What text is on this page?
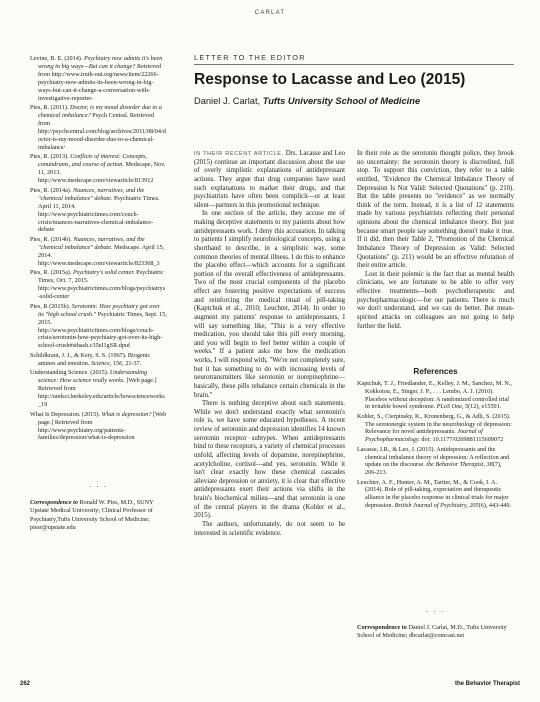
CARLAT
Levine, B. E. (2014). Psychiatry now admits it's been wrong in big ways—But can it change? Retrieved from http://www.truth-out.org/news/item/22266-psychiatry-now-admits-its-been-wrong-in-big-ways-but-can-it-change-a-conversation-with-investigative-reporter-
Pies, R. (2011). Doctor, is my mood disorder due to a chemical imbalance? Psych Central. Retrieved from http://psychcentral.com/blog/archives/2011/08/04/doctor-is-my-mood-disorder-due-to-a-chemical-imbalance/
Pies, R. (2013). Conflicts of interest: Concepts, conundrums, and course of action. Medscape, Nov. 11, 2013. http://www.medscape.com/viewarticle/813912
Pies, R. (2014a). Nuances, narratives, and the "chemical imbalance" debate. Psychiatric Times. April 11, 2014. http://www.psychiatrictimes.com/couch-crisis/nuances-narratives-chemical-imbalance-debate
Pies, R. (2014b). Nuances, narratives, and the "chemical imbalance" debate. Medscape. April 15, 2014. http://www.medscape.com/viewarticle/823368_3
Pies, R. (2015a). Psychiatry's solid center. Psychiatric Times, Oct. 7, 2015. http://www.psychiatrictimes.com/blogs/psychiatrys-solid-center
Pies, R (2015b). Serotonin: How psychiatry got over its "high school crush." Psychiatric Times, Sept. 15, 2015. http://www.psychiatrictimes.com/blogs/couch-crisis/serotonin-how-psychiatry-got-over-its-high-school-crush#sthash.c35eI1gSR.dpuf
Schildkraut, J. J., & Kety, S. S. (1967). Biogenic amines and emotion. Science, 156, 21-37.
Understanding Science. (2015). Understanding science: How science really works. [Web page.] Retrieved from http://undsci.berkeley.edu/article/howscienceworks_19
What Is Depression. (2015). What is depression? [Web page.] Retrieved from http://www.psychiatry.org/patients-families/depression/what-is-depression
. . .
Correspondence to Ronald W. Pies, M.D., SUNY Upstate Medical University; Clinical Professor of Psychiatry,Tufts University School of Medicine; piesr@upstate.edu
LETTER TO THE EDITOR
Response to Lacasse and Leo (2015)
Daniel J. Carlat, Tufts University School of Medicine

IN THEIR RECENT ARTICLE, Drs. Lacasse and Leo (2015) continue an important discussion about the use of overly simplistic explanations of antidepressant actions. They argue that drug companies have used such explanations to market their drugs, and that psychiatrists have often been complicit—or at least silent—partners in this promotional technique.

In one section of the article, they accuse me of making deceptive statements to my patients about how antidepressants work. I deny this accusation. In talking to patients I simplify neurobiological concepts, using a shorthand to describe, in a simplistic way, some common theories of mental illness. I do this to enhance the placebo effect—which accounts for a significant portion of the overall effectiveness of antidepressants. Two of the most crucial components of the placebo effect are fostering positive expectations of success and reinforcing the medical ritual of pill-taking (Kaptchuk et al., 2010; Leuchter, 2014). In order to augment my patients' response to antidepressants, I will say something like, "This is a very effective medication, you should take this pill every morning, and you will begin to feel better within a couple of weeks." If a patient asks me how the medication works, I will respond with, "We're not completely sure, but it has something to do with increasing levels of neurotransmitters like serotonin or norepinephrine—basically, these pills rebalance certain chemicals in the brain."

There is nothing deceptive about such statements. While we don't understand exactly what serotonin's role is, we have some educated hypotheses. A recent review of serotonin and depression identifies 14 known serotonin receptor subtypes. When antidepressants bind to these receptors, a variety of chemical processes unfold, affecting levels of dopamine, norepinephrine, acetylcholine, cortisol—and yes, serotonin. While it isn't clear exactly how these chemical cascades alleviate depression or anxiety, it is clear that effective antidepressants exert their actions via shifts in the brain's biochemical milieu—and that serotonin is one of the central players in the drama (Kohler et al., 2015).

The authors, unfortunately, do not seem to be interested in scientific evidence.

In their role as the serotonin thought police, they brook no uncertainty: the serotonin theory is discredited, full stop. To support this conviction, they refer to a table entitled, "Evidence the Chemical Imbalance Theory of Depression Is Not Valid: Selected Quotations" (p. 210). But the table presents no "evidence" as we normally think of the term. Instead, it is a list of 12 statements made by various psychiatrists reflecting their personal opinions about the chemical imbalance theory. But just because smart people say something doesn't make it true. If it did, then their Table 2, "Promotion of the Chemical Imbalance Theory of Depression as Valid: Selected Quotations" (p. 211) would be an effective refutation of their entire article.

Lost in their polemic is the fact that as mental health clinicians, we are fortunate to be able to offer very effective treatments—both psychotherapeutic and psychopharmacologic—for our patients. There is much we don't understand, and we can do better. But mean-spirited attacks on colleagues are not going to help further the field.

References
Kaptchuk, T. J., Friedlander, E., Kelley, J. M., Sanchez, M. N., Kokkotou, E., Singer, J. P., . . . Lembo, A. J. (2010). Placebos without deception: A randomized controlled trial in irritable bowel syndrome. PLoS One, 5(12), e15591.
Kohler, S., Cierpinsky, K., Kronenberg, G., & Adli, S. (2015). The serotonergic system in the neurobiology of depression: Relevance for novel antidepressants. Journal of Psychopharmacology. doi: 10.1177/0269881115609072
Lacasse, J.R., & Leo, J. (2015). Antidepressants and the chemical imbalance theory of depression: A reflection and update on the discourse. the Behavior Therapist, 38(7), 206-213.
Leuchter, A. F., Hunter, A. M., Tartter, M., & Cook, I. A. (2014). Role of pill-taking, expectation and therapeutic alliance in the placebo response in clinical trials for major depression. British Journal of Psychiatry, 205(6), 443-449.
. . .
Correspondence to Daniel J. Carlat, M.D., Tufts University School of Medicine; dbcarlat@comcast.net
262	the Behavior Therapist
